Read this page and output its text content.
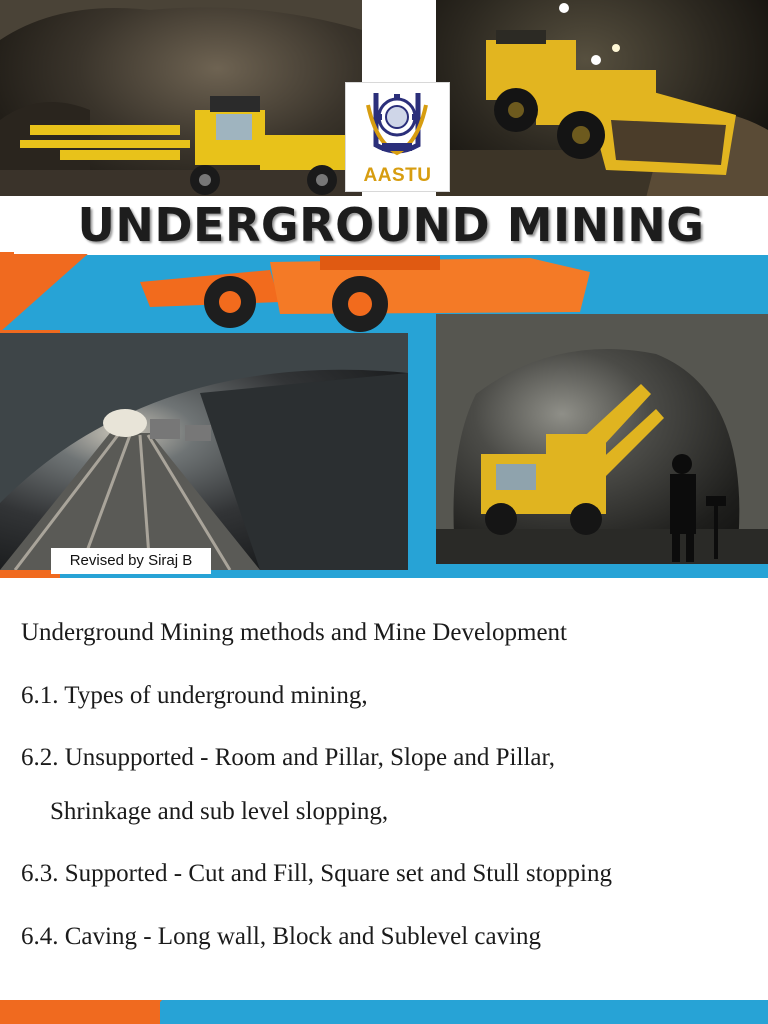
AASTU
UNDERGROUND MINING
Revised by Siraj B

Underground Mining methods and Mine Development

6.1. Types of underground mining,

6.2. Unsupported - Room and Pillar, Slope and Pillar,

Shrinkage and sub level slopping,

6.3. Supported - Cut and Fill, Square set and Stull stopping

6.4. Caving - Long wall, Block and Sublevel caving
